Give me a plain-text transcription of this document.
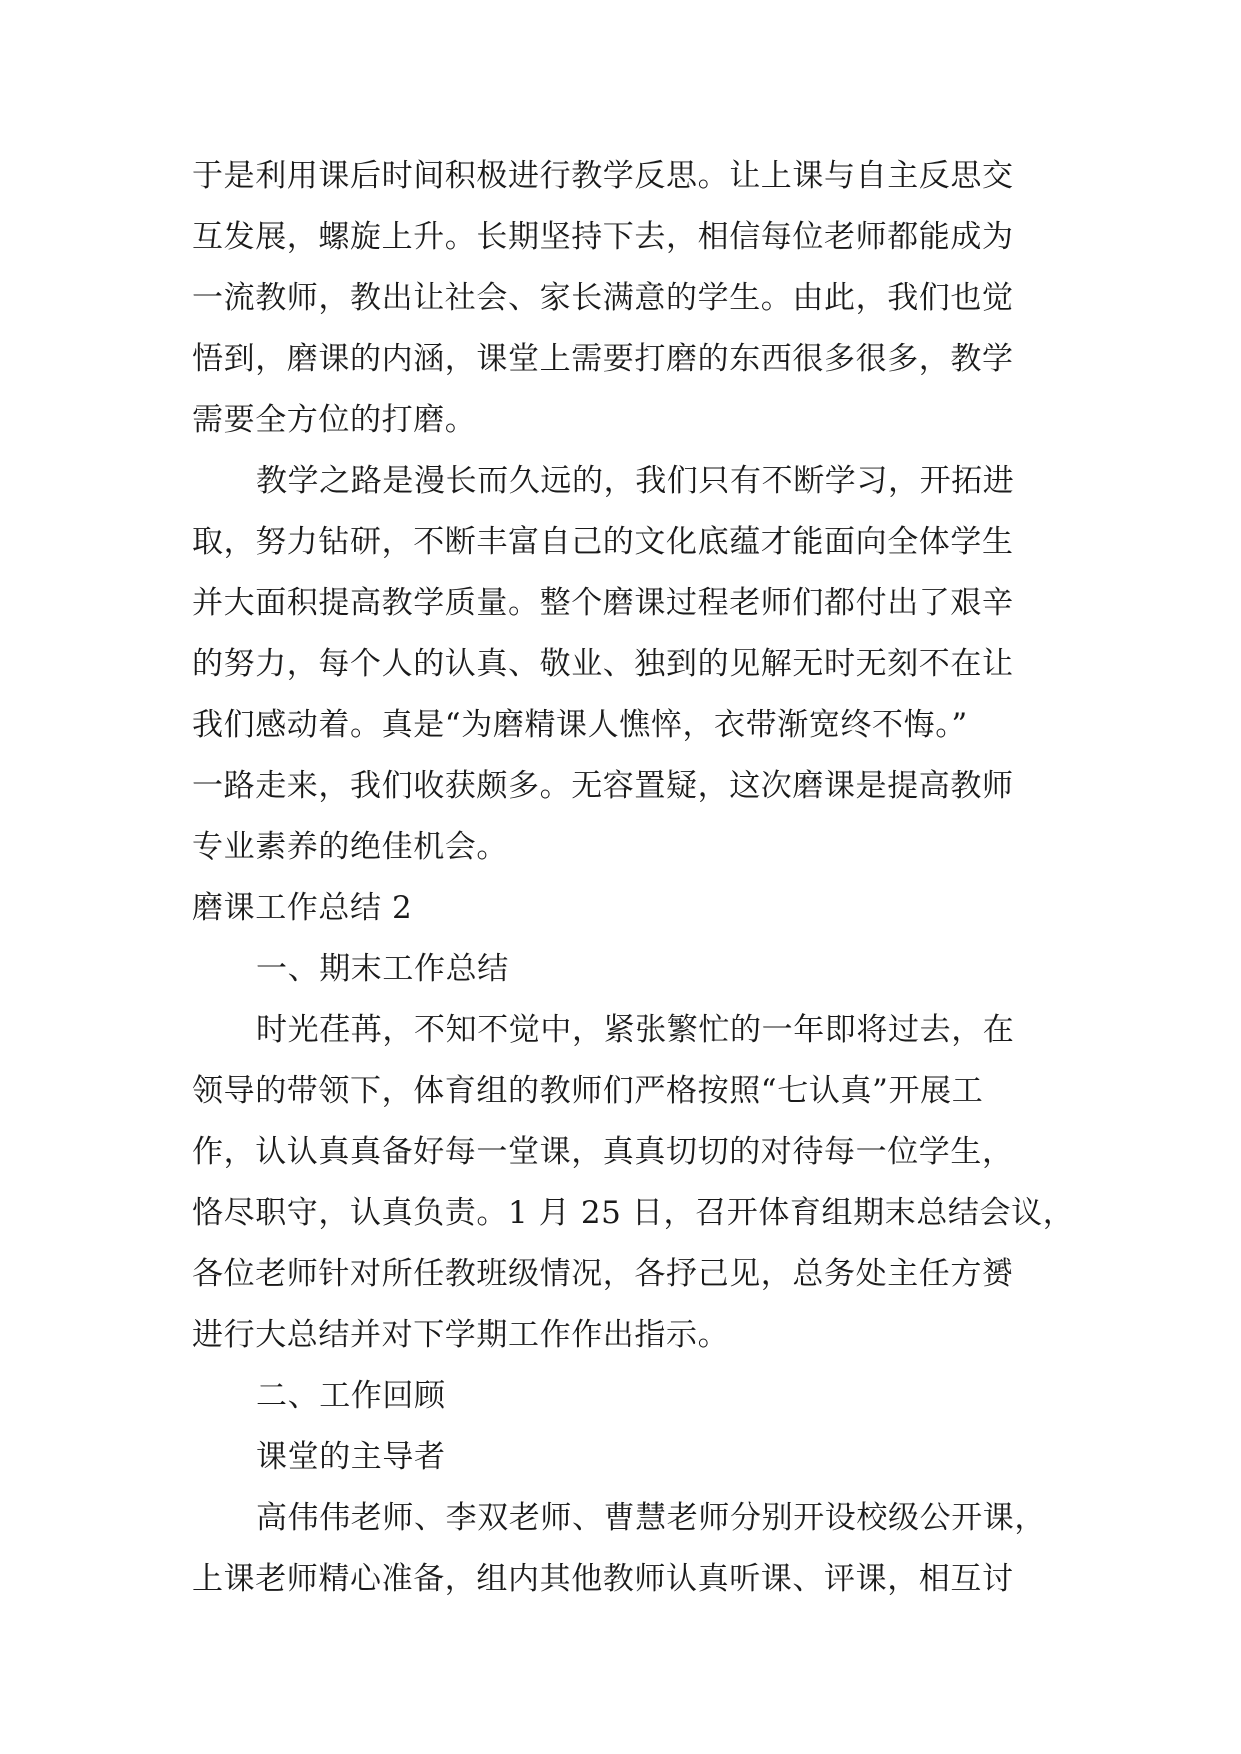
于是利用课后时间积极进行教学反思。让上课与自主反思交
互发展，螺旋上升。长期坚持下去，相信每位老师都能成为
一流教师，教出让社会、家长满意的学生。由此，我们也觉
悟到，磨课的内涵，课堂上需要打磨的东西很多很多，教学
需要全方位的打磨。
教学之路是漫长而久远的，我们只有不断学习，开拓进
取，努力钻研，不断丰富自己的文化底蕴才能面向全体学生
并大面积提高教学质量。整个磨课过程老师们都付出了艰辛
的努力，每个人的认真、敬业、独到的见解无时无刻不在让
我们感动着。真是“为磨精课人憔悴，衣带渐宽终不悔。”
一路走来，我们收获颇多。无容置疑，这次磨课是提高教师
专业素养的绝佳机会。
磨课工作总结 2
一、期末工作总结
时光荏苒，不知不觉中，紧张繁忙的一年即将过去，在
领导的带领下，体育组的教师们严格按照“七认真”开展工
作，认认真真备好每一堂课，真真切切的对待每一位学生，
恪尽职守，认真负责。1 月 25 日，召开体育组期末总结会议，
各位老师针对所任教班级情况，各抒己见，总务处主任方赟
进行大总结并对下学期工作作出指示。
二、工作回顾
课堂的主导者
高伟伟老师、李双老师、曹慧老师分别开设校级公开课，
上课老师精心准备，组内其他教师认真听课、评课，相互讨
